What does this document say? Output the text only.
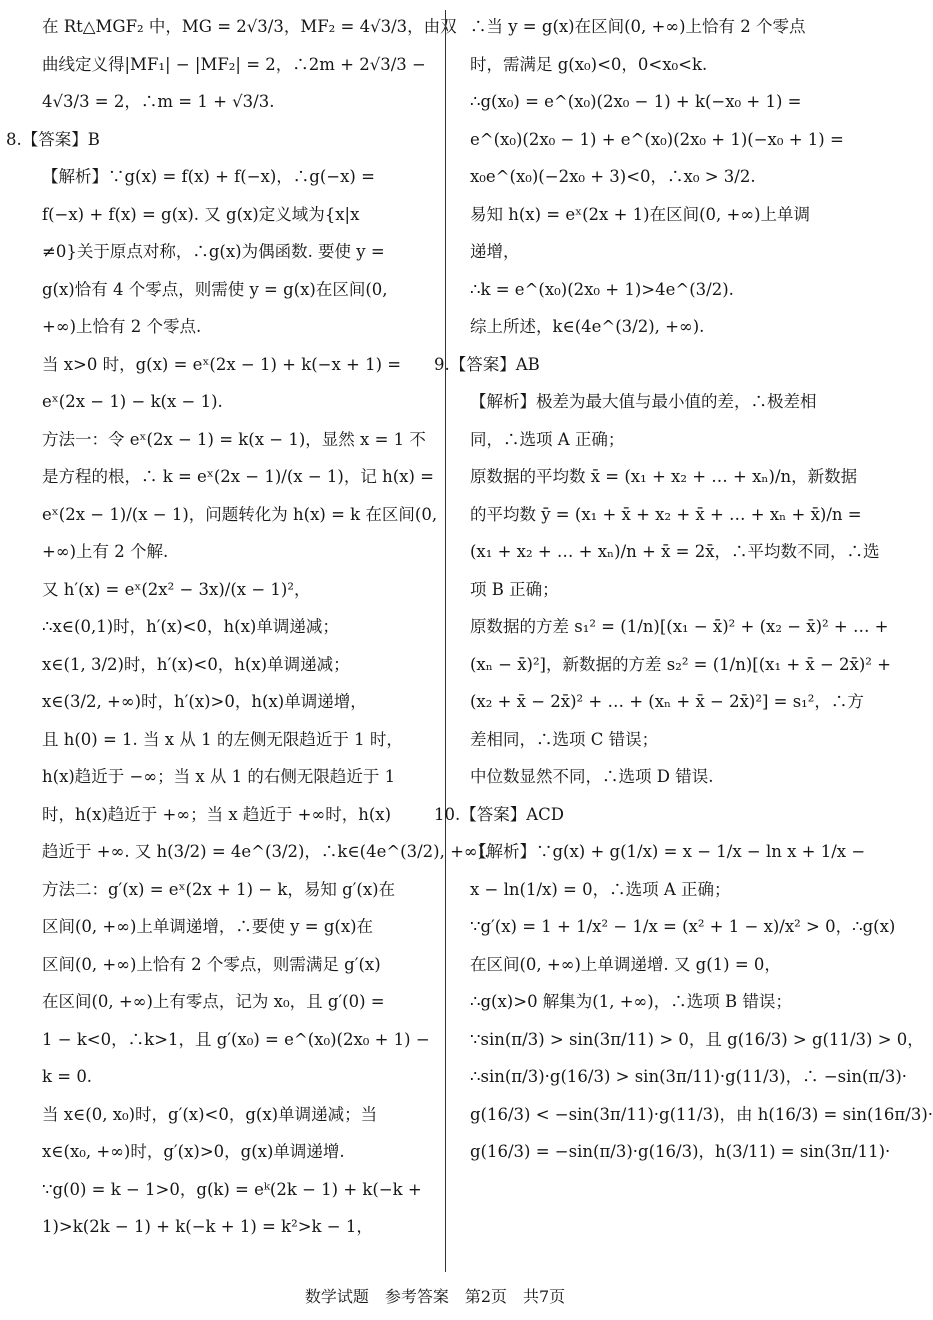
在 Rt△MGF₂ 中，MG = 2√3/3，MF₂ = 4√3/3，由双
曲线定义得|MF₁| − |MF₂| = 2，∴2m + 2√3/3 −
4√3/3 = 2，∴m = 1 + √3/3.
8.【答案】B
【解析】∵g(x) = f(x) + f(−x)，∴g(−x) =
f(−x) + f(x) = g(x). 又 g(x)定义域为{x|x
≠0}关于原点对称，∴g(x)为偶函数. 要使 y =
g(x)恰有 4 个零点，则需使 y = g(x)在区间(0,
+∞)上恰有 2 个零点.
当 x>0 时，g(x) = eˣ(2x − 1) + k(−x + 1) =
eˣ(2x − 1) − k(x − 1).
方法一：令 eˣ(2x − 1) = k(x − 1)，显然 x = 1 不
是方程的根，∴ k = eˣ(2x − 1)/(x − 1)，记 h(x) =
eˣ(2x − 1)/(x − 1)，问题转化为 h(x) = k 在区间(0,
+∞)上有 2 个解.
又 h′(x) = eˣ(2x² − 3x)/(x − 1)²，
∴x∈(0,1)时，h′(x)<0，h(x)单调递减；
x∈(1, 3/2)时，h′(x)<0，h(x)单调递减；
x∈(3/2, +∞)时，h′(x)>0，h(x)单调递增，
且 h(0) = 1. 当 x 从 1 的左侧无限趋近于 1 时，
h(x)趋近于 −∞；当 x 从 1 的右侧无限趋近于 1
时，h(x)趋近于 +∞；当 x 趋近于 +∞时，h(x)
趋近于 +∞. 又 h(3/2) = 4e^(3/2)，∴k∈(4e^(3/2), +∞).
方法二：g′(x) = eˣ(2x + 1) − k，易知 g′(x)在
区间(0, +∞)上单调递增，∴要使 y = g(x)在
区间(0, +∞)上恰有 2 个零点，则需满足 g′(x)
在区间(0, +∞)上有零点，记为 x₀，且 g′(0) =
1 − k<0，∴k>1，且 g′(x₀) = e^(x₀)(2x₀ + 1) −
k = 0.
当 x∈(0, x₀)时，g′(x)<0，g(x)单调递减；当
x∈(x₀, +∞)时，g′(x)>0，g(x)单调递增.
∵g(0) = k − 1>0，g(k) = eᵏ(2k − 1) + k(−k +
1)>k(2k − 1) + k(−k + 1) = k²>k − 1，
∴当 y = g(x)在区间(0, +∞)上恰有 2 个零点
时，需满足 g(x₀)<0，0<x₀<k.
∴g(x₀) = e^(x₀)(2x₀ − 1) + k(−x₀ + 1) =
e^(x₀)(2x₀ − 1) + e^(x₀)(2x₀ + 1)(−x₀ + 1) =
x₀e^(x₀)(−2x₀ + 3)<0，∴x₀ > 3/2.
易知 h(x) = eˣ(2x + 1)在区间(0, +∞)上单调
递增，
∴k = e^(x₀)(2x₀ + 1)>4e^(3/2).
综上所述，k∈(4e^(3/2), +∞).
9.【答案】AB
【解析】极差为最大值与最小值的差，∴极差相
同，∴选项 A 正确；
原数据的平均数 x̄ = (x₁ + x₂ + … + xₙ)/n，新数据
的平均数 ȳ = (x₁ + x̄ + x₂ + x̄ + … + xₙ + x̄)/n =
(x₁ + x₂ + … + xₙ)/n + x̄ = 2x̄，∴平均数不同，∴选
项 B 正确；
原数据的方差 s₁² = (1/n)[(x₁ − x̄)² + (x₂ − x̄)² + … +
(xₙ − x̄)²]，新数据的方差 s₂² = (1/n)[(x₁ + x̄ − 2x̄)² +
(x₂ + x̄ − 2x̄)² + … + (xₙ + x̄ − 2x̄)²] = s₁²，∴方
差相同，∴选项 C 错误；
中位数显然不同，∴选项 D 错误.
10.【答案】ACD
【解析】∵g(x) + g(1/x) = x − 1/x − ln x + 1/x −
x − ln(1/x) = 0，∴选项 A 正确；
∵g′(x) = 1 + 1/x² − 1/x = (x² + 1 − x)/x² > 0，∴g(x)
在区间(0, +∞)上单调递增. 又 g(1) = 0，
∴g(x)>0 解集为(1, +∞)，∴选项 B 错误；
∵sin(π/3) > sin(3π/11) > 0，且 g(16/3) > g(11/3) > 0，
∴sin(π/3)·g(16/3) > sin(3π/11)·g(11/3)，∴ −sin(π/3)·
g(16/3) < −sin(3π/11)·g(11/3)，由 h(16/3) = sin(16π/3)·
g(16/3) = −sin(π/3)·g(16/3)，h(3/11) = sin(3π/11)·
数学试题　参考答案　第2页　共7页
